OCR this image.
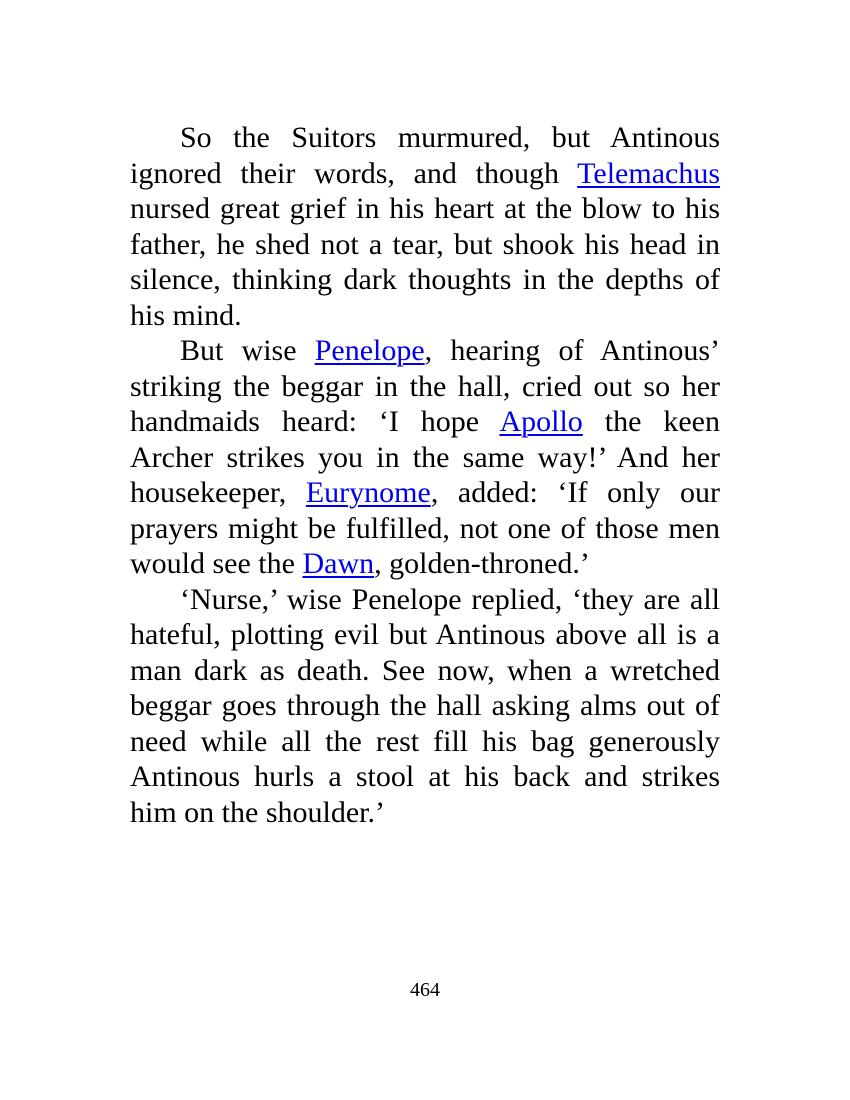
So the Suitors murmured, but Antinous ignored their words, and though Telemachus nursed great grief in his heart at the blow to his father, he shed not a tear, but shook his head in silence, thinking dark thoughts in the depths of his mind.

But wise Penelope, hearing of Antinous’ striking the beggar in the hall, cried out so her handmaids heard: ‘I hope Apollo the keen Archer strikes you in the same way!’ And her housekeeper, Eurynome, added: ‘If only our prayers might be fulfilled, not one of those men would see the Dawn, golden-throned.’

‘Nurse,’ wise Penelope replied, ‘they are all hateful, plotting evil but Antinous above all is a man dark as death. See now, when a wretched beggar goes through the hall asking alms out of need while all the rest fill his bag generously Antinous hurls a stool at his back and strikes him on the shoulder.’

464
